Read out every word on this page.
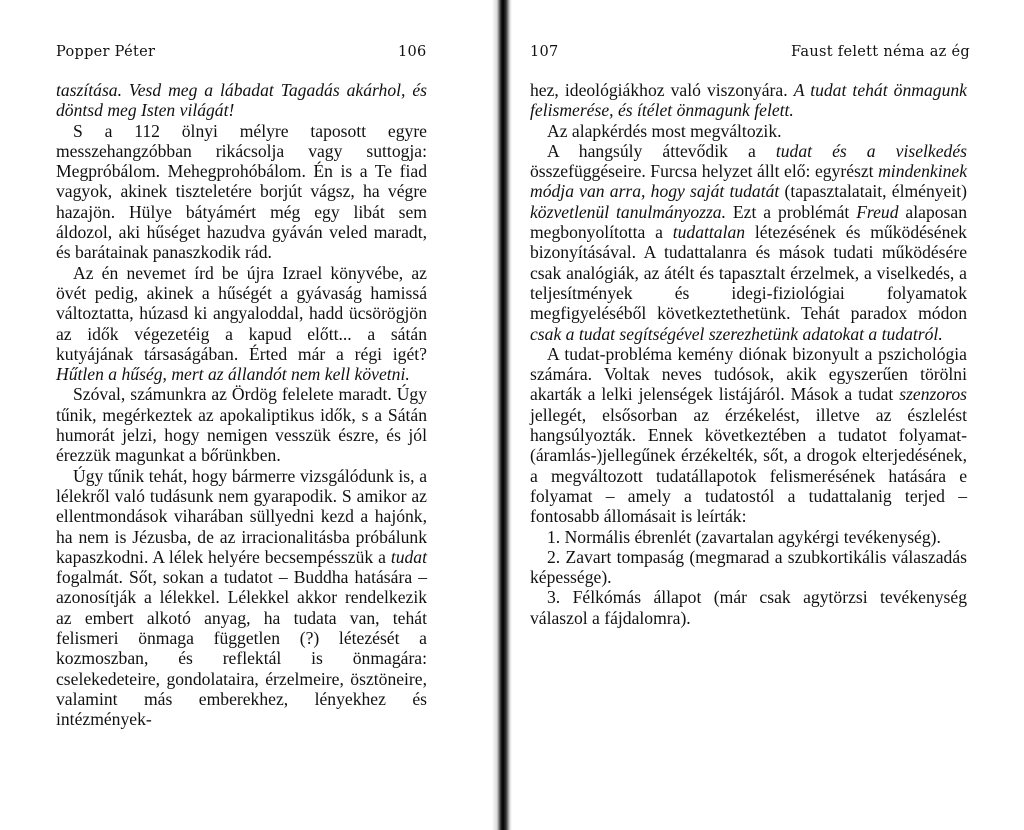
Popper Péter	106

taszítása. Vesd meg a lábadat Tagadás akárhol, és döntsd meg Isten világát!

S a 112 ölnyi mélyre taposott egyre messzehangzóbban rikácsolja vagy suttogja: Megpróbálom. Mehegprohóbálom. Én is a Te fiad vagyok, akinek tiszteletére borjút vágsz, ha végre hazajön. Hülye bátyámért még egy libát sem áldozol, aki hűséget hazudva gyáván veled maradt, és barátainak panaszkodik rád.

Az én nevemet írd be újra Izrael könyvébe, az övét pedig, akinek a hűségét a gyávaság hamissá változtatta, húzasd ki angyaloddal, hadd ücsörögjön az idők végezetéig a kapud előtt... a sátán kutyájának társaságában. Érted már a régi igét? Hűtlen a hűség, mert az állandót nem kell követni.

Szóval, számunkra az Ördög felelete maradt. Úgy tűnik, megérkeztek az apokaliptikus idők, s a Sátán humorát jelzi, hogy nemigen vesszük észre, és jól érezzük magunkat a bőrünkben.

Úgy tűnik tehát, hogy bármerre vizsgálódunk is, a lélekről való tudásunk nem gyarapodik. S amikor az ellentmondások viharában süllyedni kezd a hajónk, ha nem is Jézusba, de az irracionalitásba próbálunk kapaszkodni. A lélek helyére becsempésszük a tudat fogalmát. Sőt, sokan a tudatot – Buddha hatására – azonosítják a lélekkel. Lélekkel akkor rendelkezik az embert alkotó anyag, ha tudata van, tehát felismeri önmaga független (?) létezését a kozmoszban, és reflektál is önmagára: cselekedeteire, gondolataira, érzelmeire, ösztöneire, valamint más emberekhez, lényekhez és intézmények-

107	Faust felett néma az ég

hez, ideológiákhoz való viszonyára. A tudat tehát önmagunk felismerése, és ítélet önmagunk felett.

Az alapkérdés most megváltozik.

A hangsúly áttevődik a tudat és a viselkedés összefüggéseire. Furcsa helyzet állt elő: egyrészt mindenkinek módja van arra, hogy saját tudatát (tapasztalatait, élményeit) közvetlenül tanulmányozza. Ezt a problémát Freud alaposan megbonyolította a tudattalan létezésének és működésének bizonyításával. A tudattalanra és mások tudati működésére csak analógiák, az átélt és tapasztalt érzelmek, a viselkedés, a teljesítmények és idegi-fiziológiai folyamatok megfigyeléséből következtethetünk. Tehát paradox módon csak a tudat segítségével szerezhetünk adatokat a tudatról.

A tudat-probléma kemény diónak bizonyult a pszichológia számára. Voltak neves tudósok, akik egyszerűen törölni akarták a lelki jelenségek listájáról. Mások a tudat szenzoros jellegét, elsősorban az érzékelést, illetve az észlelést hangsúlyozták. Ennek következtében a tudatot folyamat-(áramlás-)jellegűnek érzékelték, sőt, a drogok elterjedésének, a megváltozott tudatállapotok felismerésének hatására e folyamat – amely a tudatostól a tudattalanig terjed – fontosabb állomásait is leírták:

1. Normális ébrenlét (zavartalan agykérgi tevékenység).

2. Zavart tompaság (megmarad a szubkortikális válaszadás képessége).

3. Félkómás állapot (már csak agytörzsi tevékenység válaszol a fájdalomra).
